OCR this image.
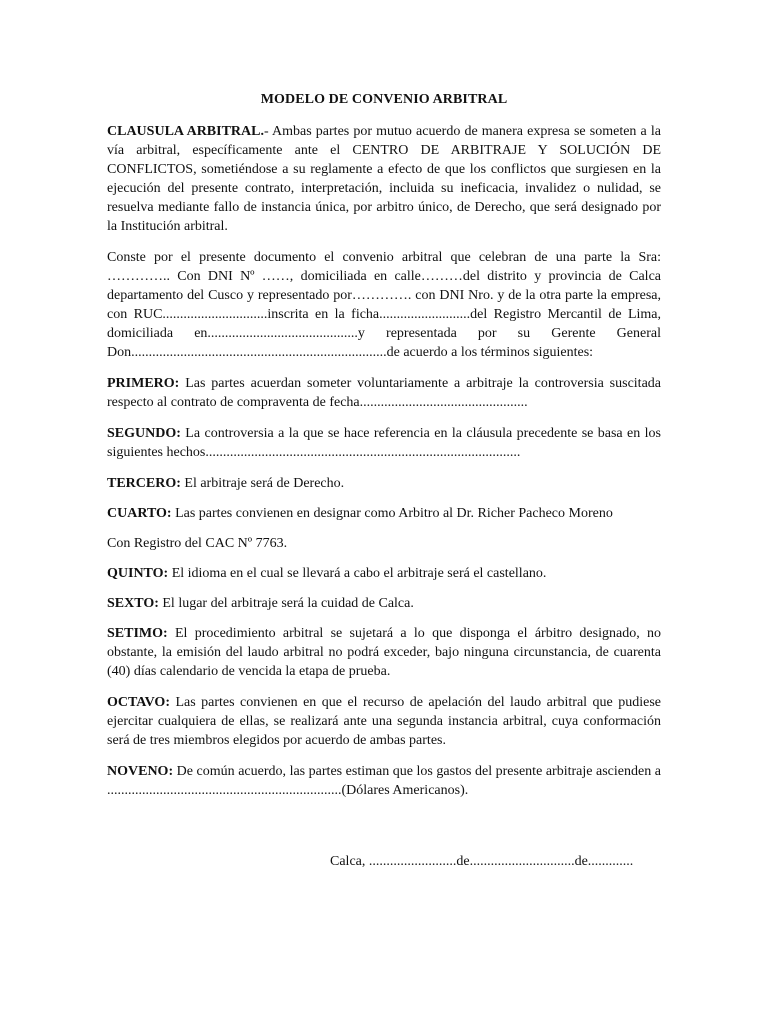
MODELO DE CONVENIO ARBITRAL

CLAUSULA ARBITRAL.- Ambas partes por mutuo acuerdo de manera expresa se someten a la vía arbitral, específicamente ante el CENTRO DE ARBITRAJE Y SOLUCIÓN DE CONFLICTOS, sometiéndose a su reglamente a efecto de que los conflictos que surgiesen en la ejecución del presente contrato, interpretación, incluida su ineficacia, invalidez o nulidad, se resuelva mediante fallo de instancia única, por arbitro único, de Derecho, que será designado por la Institución arbitral.

Conste por el presente documento el convenio arbitral que celebran de una parte la Sra: ………….. Con DNI Nº ……, domiciliada en calle………del distrito y provincia de Calca departamento del Cusco y representado por…………. con DNI Nro. y de la otra parte la empresa, con RUC..............................inscrita en la ficha..........................del Registro Mercantil de Lima, domiciliada en...........................................y representada por su Gerente General Don.........................................................................de acuerdo a los términos siguientes:

PRIMERO: Las partes acuerdan someter voluntariamente a arbitraje la controversia suscitada respecto al contrato de compraventa de fecha................................................

SEGUNDO: La controversia a la que se hace referencia en la cláusula precedente se basa en los siguientes hechos..........................................................................................

TERCERO: El arbitraje será de Derecho.

CUARTO: Las partes convienen en designar como Arbitro al Dr. Richer Pacheco Moreno

Con Registro del CAC Nº 7763.

QUINTO: El idioma en el cual se llevará a cabo el arbitraje será el castellano.

SEXTO: El lugar del arbitraje será la cuidad de Calca.

SETIMO: El procedimiento arbitral se sujetará a lo que disponga el árbitro designado, no obstante, la emisión del laudo arbitral no podrá exceder, bajo ninguna circunstancia, de cuarenta (40) días calendario de vencida la etapa de prueba.

OCTAVO: Las partes convienen en que el recurso de apelación del laudo arbitral que pudiese ejercitar cualquiera de ellas, se realizará ante una segunda instancia arbitral, cuya conformación será de tres miembros elegidos por acuerdo de ambas partes.

NOVENO: De común acuerdo, las partes estiman que los gastos del presente arbitraje ascienden a ...................................................................(Dólares Americanos).

Calca, .........................de..............................de.............
